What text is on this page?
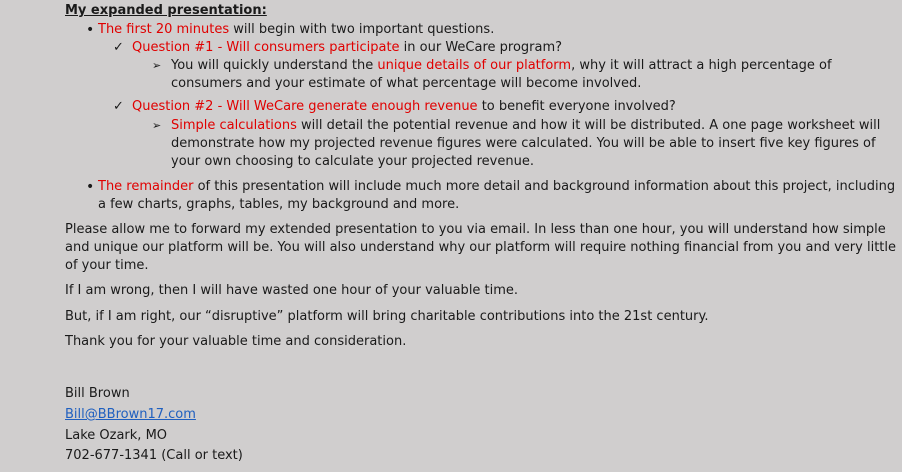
My expanded presentation:
• The first 20 minutes will begin with two important questions.
✓ Question #1 - Will consumers participate in our WeCare program?
➢ You will quickly understand the unique details of our platform, why it will attract a high percentage of
consumers and your estimate of what percentage will become involved.
✓ Question #2 - Will WeCare generate enough revenue to benefit everyone involved?
➢ Simple calculations will detail the potential revenue and how it will be distributed. A one page worksheet will
demonstrate how my projected revenue figures were calculated. You will be able to insert five key figures of
your own choosing to calculate your projected revenue.
• The remainder of this presentation will include much more detail and background information about this project, including
a few charts, graphs, tables, my background and more.
Please allow me to forward my extended presentation to you via email. In less than one hour, you will understand how simple
and unique our platform will be. You will also understand why our platform will require nothing financial from you and very little
of your time.
If I am wrong, then I will have wasted one hour of your valuable time.
But, if I am right, our “disruptive” platform will bring charitable contributions into the 21st century.
Thank you for your valuable time and consideration.
Bill Brown
Bill@BBrown17.com
Lake Ozark, MO
702-677-1341 (Call or text)
